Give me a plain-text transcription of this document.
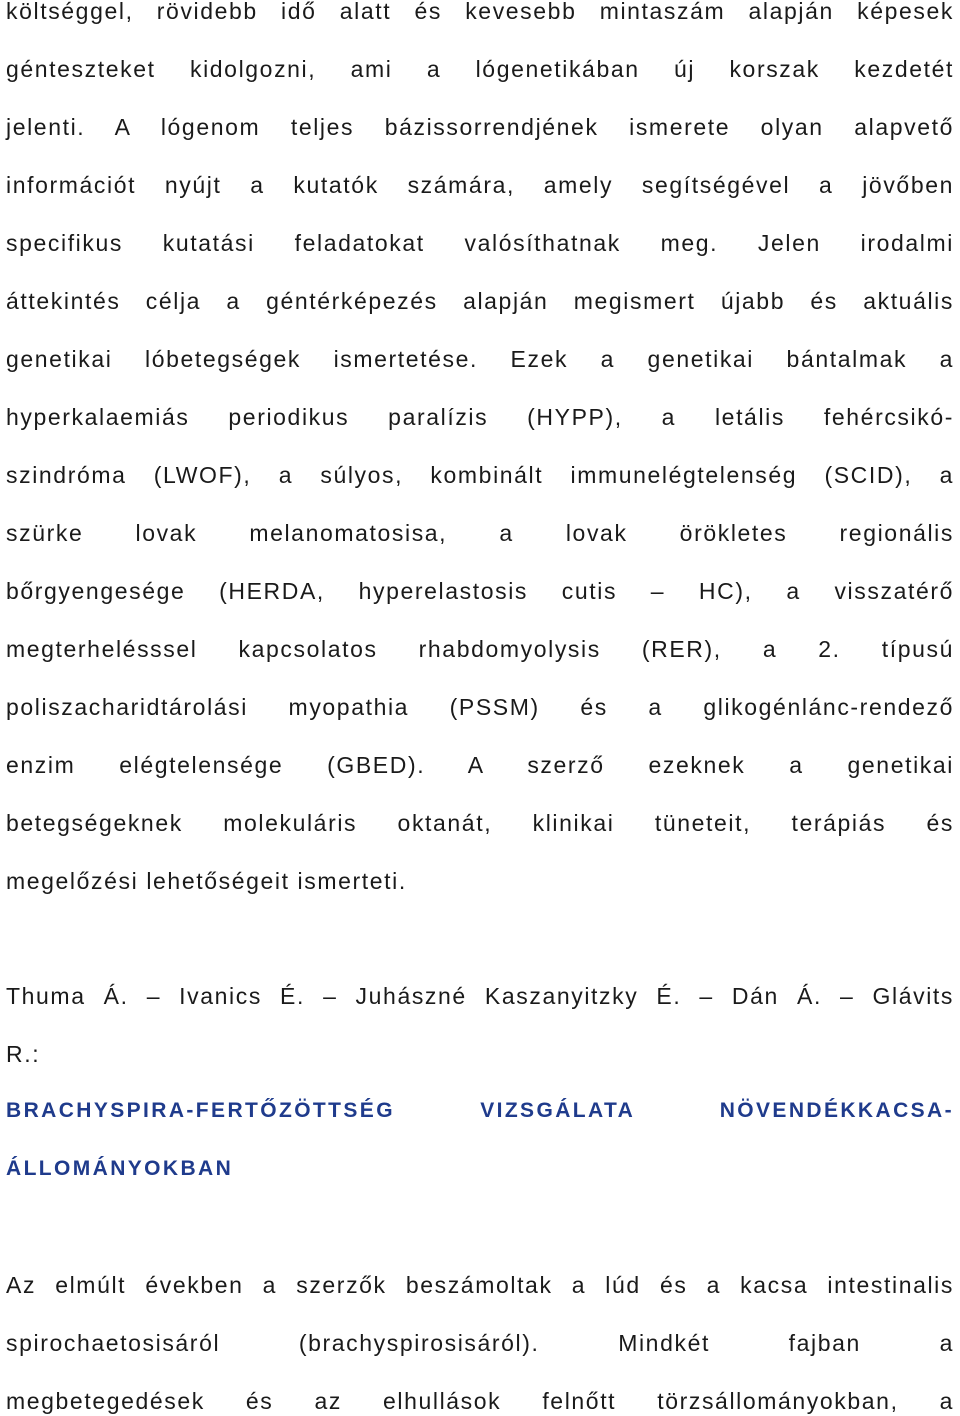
költséggel, rövidebb idő alatt és kevesebb mintaszám alapján képesek
génteszteket kidolgozni, ami a lógenetikában új korszak kezdetét
jelenti. A lógenom teljes bázissorrendjének ismerete olyan alapvető
információt nyújt a kutatók számára, amely segítségével a jövőben
specifikus kutatási feladatokat valósíthatnak meg. Jelen irodalmi
áttekintés célja a géntérképezés alapján megismert újabb és aktuális
genetikai lóbetegségek ismertetése. Ezek a genetikai bántalmak a
hyperkalaemiás periodikus paralízis (HYPP), a letális fehércsikó-
szindróma (LWOF), a súlyos, kombinált immunelégtelenség (SCID), a
szürke lovak melanomatosisa, a lovak örökletes regionális
bőrgyengesége (HERDA, hyperelastosis cutis – HC), a visszatérő
megterhelésssel kapcsolatos rhabdomyolysis (RER), a 2. típusú
poliszacharidtárolási myopathia (PSSM) és a glikogénlánc-rendező
enzim elégtelensége (GBED). A szerző ezeknek a genetikai
betegségeknek molekuláris oktanát, klinikai tüneteit, terápiás és
megelőzési lehetőségeit ismerteti.
Thuma Á. – Ivanics É. – Juhászné Kaszanyitzky É. – Dán Á. – Glávits
R.:
BRACHYSPIRA-FERTŐZÖTTSÉG VIZSGÁLATA NÖVENDÉKKACSA-
ÁLLOMÁNYOKBAN
Az elmúlt években a szerzők beszámoltak a lúd és a kacsa intestinalis
spirochaetosisáról (brachyspirosisáról). Mindkét fajban a
megbetegedések és az elhullások felnőtt törzsállományokban, a
